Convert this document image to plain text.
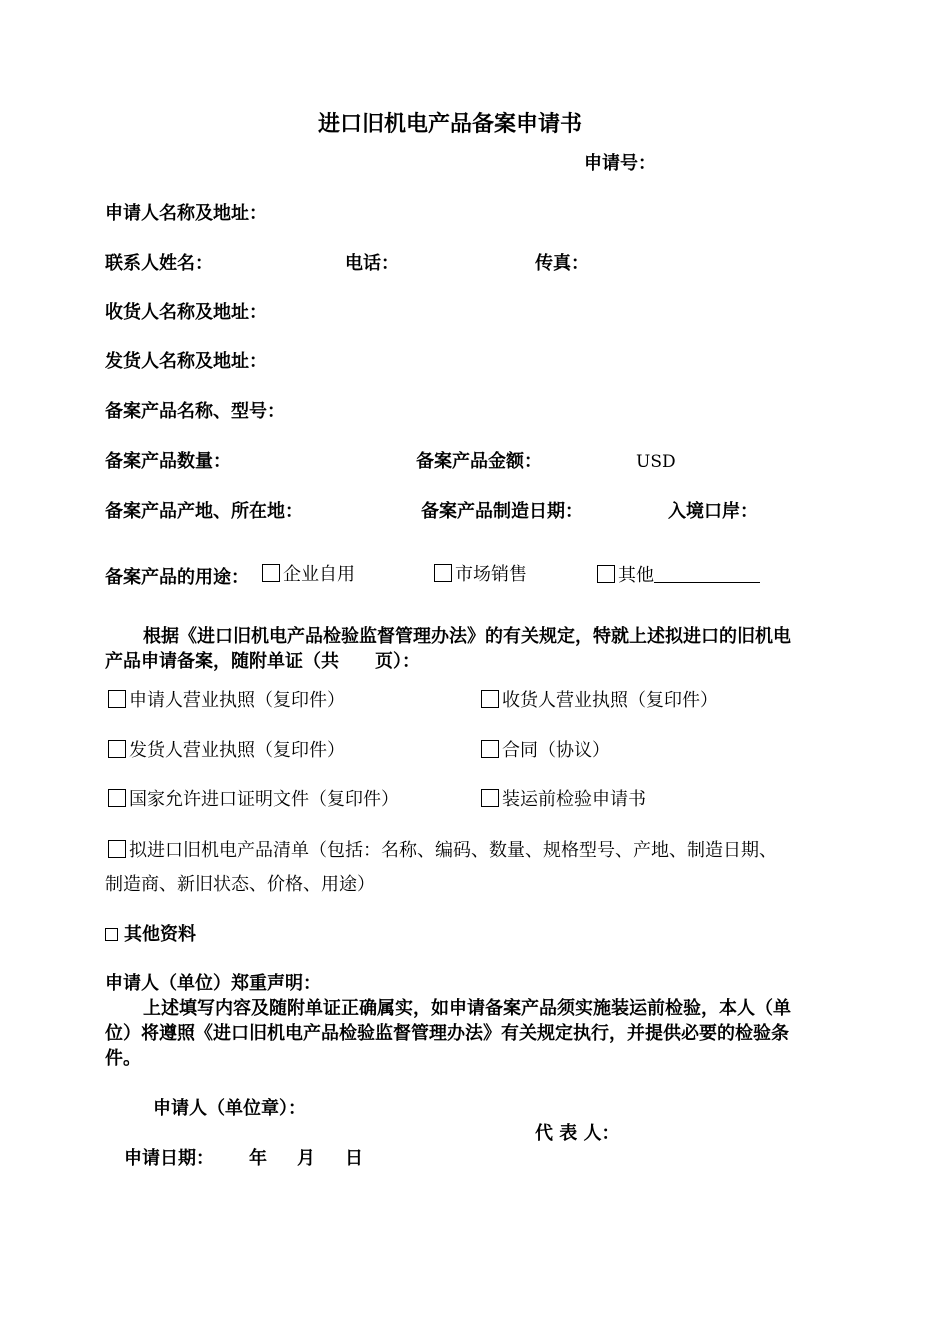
进口旧机电产品备案申请书
申请号：
申请人名称及地址：
联系人姓名：	电话：	传真：
收货人名称及地址：
发货人名称及地址：
备案产品名称、型号：
备案产品数量：	备案产品金额：	USD
备案产品产地、所在地：	备案产品制造日期：	入境口岸：
备案产品的用途：	企业自用	市场销售	其他
根据《进口旧机电产品检验监督管理办法》的有关规定，特就上述拟进口的旧机电
产品申请备案，随附单证（共　　页）：
申请人营业执照（复印件）	收货人营业执照（复印件）
发货人营业执照（复印件）	合同（协议）
国家允许进口证明文件（复印件）	装运前检验申请书
拟进口旧机电产品清单（包括：名称、编码、数量、规格型号、产地、制造日期、
制造商、新旧状态、价格、用途）
其他资料
申请人（单位）郑重声明：
上述填写内容及随附单证正确属实，如申请备案产品须实施装运前检验，本人（单
位）将遵照《进口旧机电产品检验监督管理办法》有关规定执行，并提供必要的检验条
件。
申请人（单位章）：
代 表 人：
申请日期： 年 月 日
